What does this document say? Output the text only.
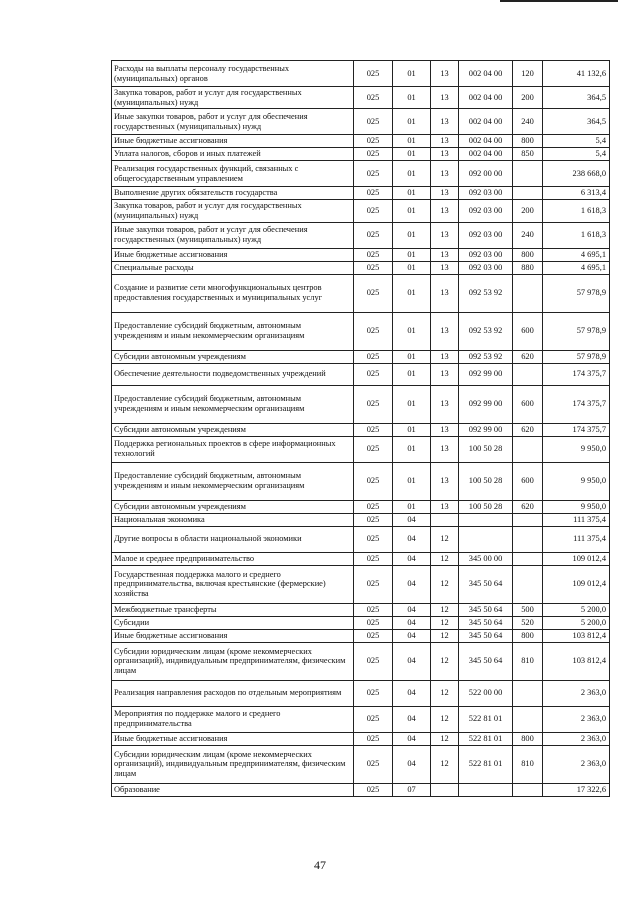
Расходы на выплаты персоналу государственных (муниципальных) органов	025	01	13	002 04 00	120	41 132,6
Закупка товаров, работ и услуг для государственных (муниципальных) нужд	025	01	13	002 04 00	200	364,5
Иные закупки товаров, работ и услуг для обеспечения государственных (муниципальных) нужд	025	01	13	002 04 00	240	364,5
Иные бюджетные ассигнования	025	01	13	002 04 00	800	5,4
Уплата налогов, сборов и иных платежей	025	01	13	002 04 00	850	5,4
Реализация государственных функций, связанных с общегосударственным управлением	025	01	13	092 00 00		238 668,0
Выполнение других обязательств государства	025	01	13	092 03 00		6 313,4
Закупка товаров, работ и услуг для государственных (муниципальных) нужд	025	01	13	092 03 00	200	1 618,3
Иные закупки товаров, работ и услуг для обеспечения государственных (муниципальных) нужд	025	01	13	092 03 00	240	1 618,3
Иные бюджетные ассигнования	025	01	13	092 03 00	800	4 695,1
Специальные расходы	025	01	13	092 03 00	880	4 695,1
Создание и развитие сети многофункциональных центров предоставления государственных и муниципальных услуг	025	01	13	092 53 92		57 978,9
Предоставление субсидий бюджетным, автономным учреждениям и иным некоммерческим организациям	025	01	13	092 53 92	600	57 978,9
Субсидии автономным учреждениям	025	01	13	092 53 92	620	57 978,9
Обеспечение деятельности подведомственных учреждений	025	01	13	092 99 00		174 375,7
Предоставление субсидий бюджетным, автономным учреждениям и иным некоммерческим организациям	025	01	13	092 99 00	600	174 375,7
Субсидии автономным учреждениям	025	01	13	092 99 00	620	174 375,7
Поддержка региональных проектов в сфере информационных технологий	025	01	13	100 50 28		9 950,0
Предоставление субсидий бюджетным, автономным учреждениям и иным некоммерческим организациям	025	01	13	100 50 28	600	9 950,0
Субсидии автономным учреждениям	025	01	13	100 50 28	620	9 950,0
Национальная экономика	025	04				111 375,4
Другие вопросы в области национальной экономики	025	04	12			111 375,4
Малое и среднее предпринимательство	025	04	12	345 00 00		109 012,4
Государственная поддержка малого и среднего предпринимательства, включая крестьянские (фермерские) хозяйства	025	04	12	345 50 64		109 012,4
Межбюджетные трансферты	025	04	12	345 50 64	500	5 200,0
Субсидии	025	04	12	345 50 64	520	5 200,0
Иные бюджетные ассигнования	025	04	12	345 50 64	800	103 812,4
Субсидии юридическим лицам (кроме некоммерческих организаций), индивидуальным предпринимателям, физическим лицам	025	04	12	345 50 64	810	103 812,4
Реализация направления расходов по отдельным мероприятиям	025	04	12	522 00 00		2 363,0
Мероприятия по поддержке малого и среднего предпринимательства	025	04	12	522 81 01		2 363,0
Иные бюджетные ассигнования	025	04	12	522 81 01	800	2 363,0
Субсидии юридическим лицам (кроме некоммерческих организаций), индивидуальным предпринимателям, физическим лицам	025	04	12	522 81 01	810	2 363,0
Образование	025	07				17 322,6
47
